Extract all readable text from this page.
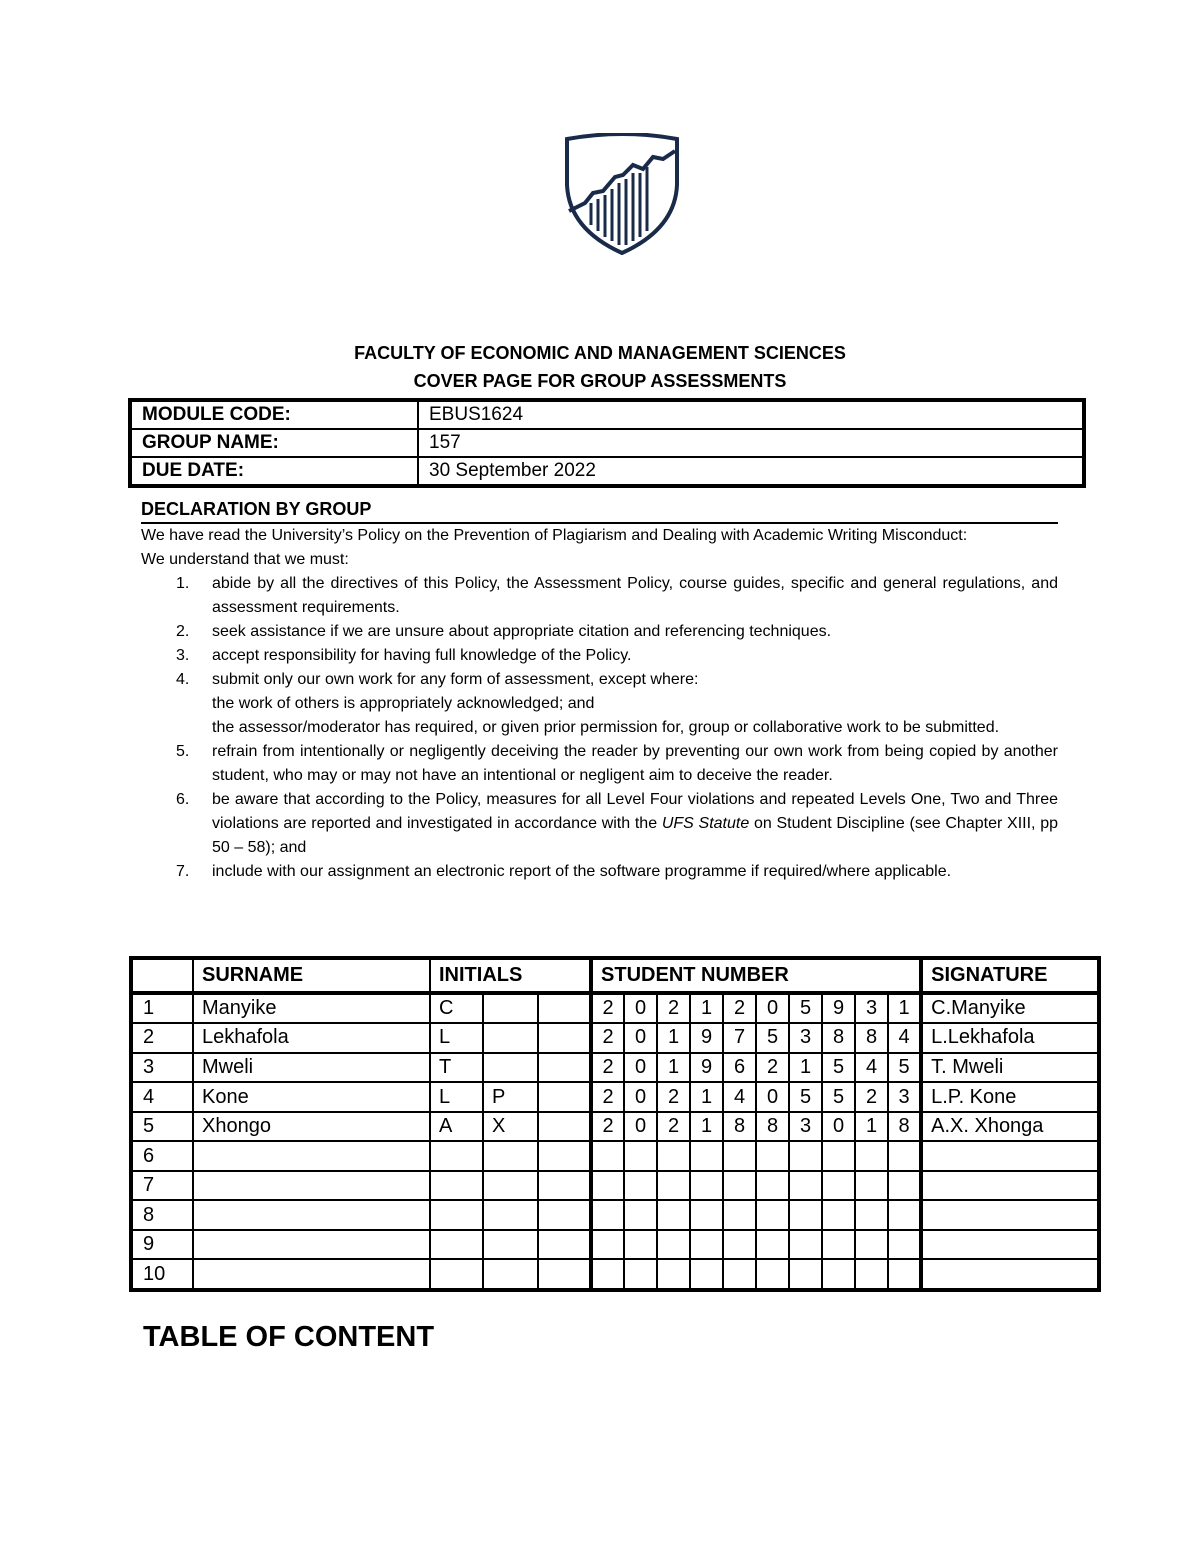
FACULTY OF ECONOMIC AND MANAGEMENT SCIENCES
COVER PAGE FOR GROUP ASSESSMENTS
MODULE CODE:	EBUS1624
GROUP NAME:	157
DUE DATE:	30 September 2022
DECLARATION BY GROUP
We have read the University’s Policy on the Prevention of Plagiarism and Dealing with Academic Writing Misconduct:
We understand that we must:
1. abide by all the directives of this Policy, the Assessment Policy, course guides, specific and general regulations, and assessment requirements.
2. seek assistance if we are unsure about appropriate citation and referencing techniques.
3. accept responsibility for having full knowledge of the Policy.
4. submit only our own work for any form of assessment, except where:
the work of others is appropriately acknowledged; and
the assessor/moderator has required, or given prior permission for, group or collaborative work to be submitted.
5. refrain from intentionally or negligently deceiving the reader by preventing our own work from being copied by another student, who may or may not have an intentional or negligent aim to deceive the reader.
6. be aware that according to the Policy, measures for all Level Four violations and repeated Levels One, Two and Three violations are reported and investigated in accordance with the UFS Statute on Student Discipline (see Chapter XIII, pp 50 – 58); and
7. include with our assignment an electronic report of the software programme if required/where applicable.
	SURNAME	INITIALS			STUDENT NUMBER										SIGNATURE
1	Manyike	C			2	0	2	1	2	0	5	9	3	1	C.Manyike
2	Lekhafola	L			2	0	1	9	7	5	3	8	8	4	L.Lekhafola
3	Mweli	T			2	0	1	9	6	2	1	5	4	5	T. Mweli
4	Kone	L	P		2	0	2	1	4	0	5	5	2	3	L.P. Kone
5	Xhongo	A	X		2	0	2	1	8	8	3	0	1	8	A.X. Xhonga
6															
7															
8															
9															
10															
TABLE OF CONTENT
